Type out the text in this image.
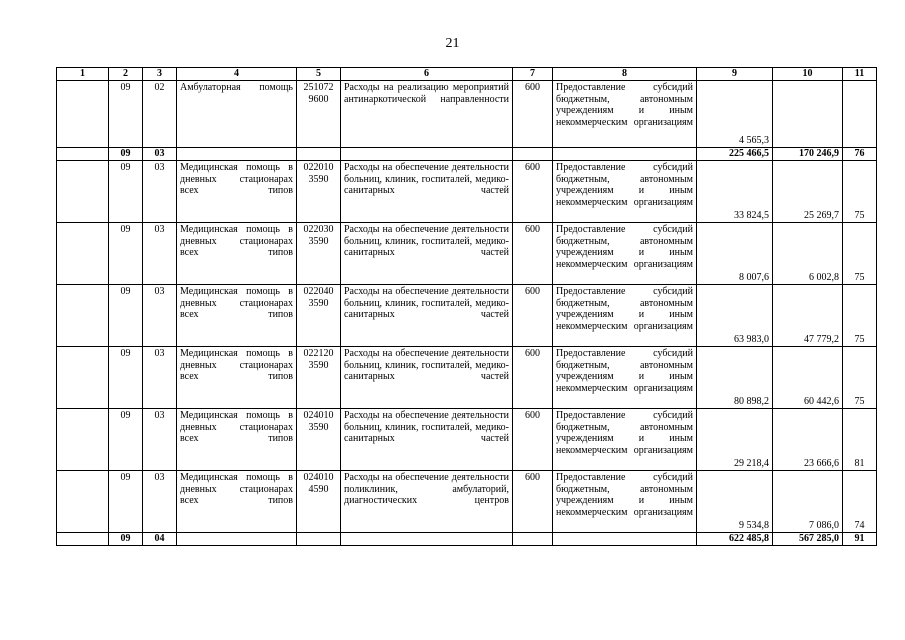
21
1	2	3	4	5	6	7	8	9	10	11
	09	02	Амбулаторная помощь	251072 9600	Расходы на реализацию мероприятий антинаркотической направленности	600	Предоставление субсидий бюджетным, автономным учреждениям и иным некоммерческим организациям	4 565,3		
	09	03						225 466,5	170 246,9	76
	09	03	Медицинская помощь в дневных стационарах всех типов	022010 3590	Расходы на обеспечение деятельности больниц, клиник, госпиталей, медико-санитарных частей	600	Предоставление субсидий бюджетным, автономным учреждениям и иным некоммерческим организациям	33 824,5	25 269,7	75
	09	03	Медицинская помощь в дневных стационарах всех типов	022030 3590	Расходы на обеспечение деятельности больниц, клиник, госпиталей, медико-санитарных частей	600	Предоставление субсидий бюджетным, автономным учреждениям и иным некоммерческим организациям	8 007,6	6 002,8	75
	09	03	Медицинская помощь в дневных стационарах всех типов	022040 3590	Расходы на обеспечение деятельности больниц, клиник, госпиталей, медико-санитарных частей	600	Предоставление субсидий бюджетным, автономным учреждениям и иным некоммерческим организациям	63 983,0	47 779,2	75
	09	03	Медицинская помощь в дневных стационарах всех типов	022120 3590	Расходы на обеспечение деятельности больниц, клиник, госпиталей, медико-санитарных частей	600	Предоставление субсидий бюджетным, автономным учреждениям и иным некоммерческим организациям	80 898,2	60 442,6	75
	09	03	Медицинская помощь в дневных стационарах всех типов	024010 3590	Расходы на обеспечение деятельности больниц, клиник, госпиталей, медико-санитарных частей	600	Предоставление субсидий бюджетным, автономным учреждениям и иным некоммерческим организациям	29 218,4	23 666,6	81
	09	03	Медицинская помощь в дневных стационарах всех типов	024010 4590	Расходы на обеспечение деятельности поликлиник, амбулаторий, диагностических центров	600	Предоставление субсидий бюджетным, автономным учреждениям и иным некоммерческим организациям	9 534,8	7 086,0	74
	09	04						622 485,8	567 285,0	91
